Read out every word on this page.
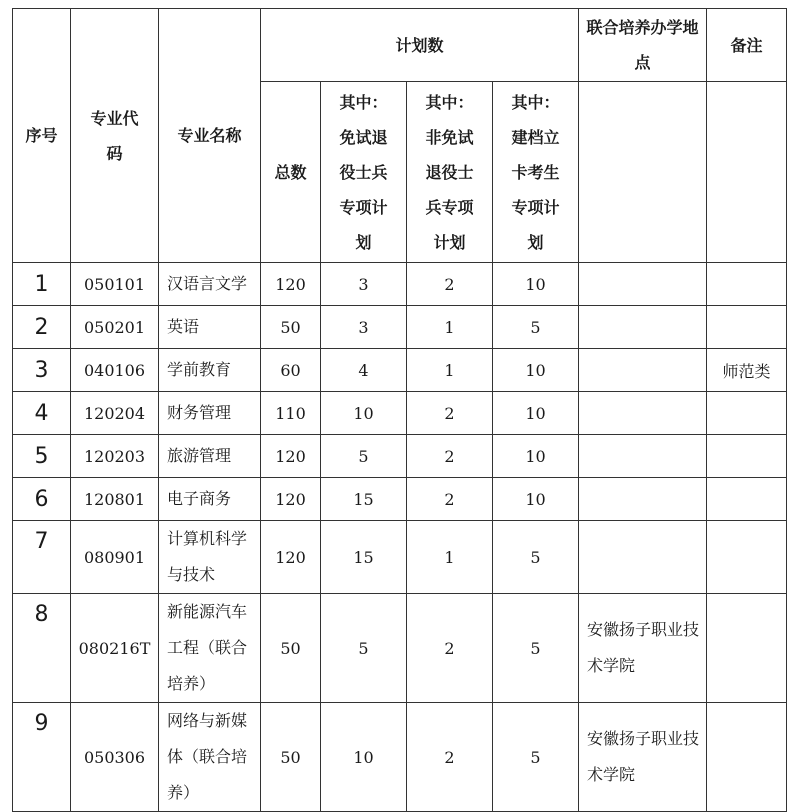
序号	专业代码	专业名称	计划数				联合培养办学地点	备注
			总数	其中：免试退役士兵专项计划	其中：非免试退役士兵专项计划	其中：建档立卡考生专项计划		
1	050101	汉语言文学	120	3	2	10		
2	050201	英语	50	3	1	5		
3	040106	学前教育	60	4	1	10		师范类
4	120204	财务管理	110	10	2	10		
5	120203	旅游管理	120	5	2	10		
6	120801	电子商务	120	15	2	10		
7	080901	计算机科学与技术	120	15	1	5		
8	080216T	新能源汽车工程（联合培养）	50	5	2	5	安徽扬子职业技术学院	
9	050306	网络与新媒体（联合培养）	50	10	2	5	安徽扬子职业技术学院	
